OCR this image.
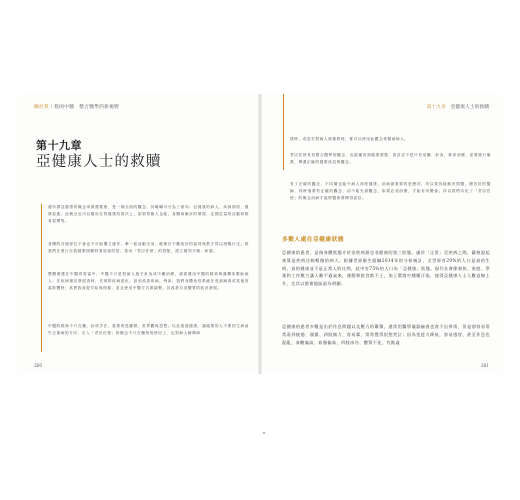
關於我 ⁝ 悠闲中醫　整合醫學的新視野
第十九章
亞健康人士的救贖
還所謂亞健康的概念來照護健康，是一個全面的觀念，其範疇可分為三面向：亞健康的病人，疾病預防，健康促進。此概念也可以應用在對健康的看法上，如果每個人也能，身體會漸步的環境，定期定量的活動和飲食習慣等。
身體的各個部位不會也不可能獨立運作，牽一髮而動全身，就像在不斷改好的協同與教才得以流暢行走。我我們在進行自我健康照顧時要留意的是，善用「君臣佐使」的搭配，建立個別平衡，和諧。
整體照護在中醫的管當中，中醫不只是對病人施予針灸或中藥治療，還需運用中醫的精神與運轉來幫助病人；在疾病還沒發展查時，先預防疾病惡化，甚至改善疾病。例如，我們身體免疫系統在受到病毒或其他因素影響時，其實我會提早給與保健，並且使用中醫方式做調整，其改善自身體質的狀況發展。
中醫的精神不只在藥，針或手法，重要的是藏精，世界觀與思想。以此促進健康，讓健康的人不要因生病而失去重病的方向，走入「君臣佐使」的概念不只在藥物的使用上，也對病人解釋病
260
第十九章　 亞健康人士的救贖
情時，或是在對病人做衛教時，都可以使用此觀念來幫助病人。
君臣佐使具有整合醫學的觀念，也能應用到健康照護，看診並不是只有用藥、針灸、推拿治療，更要進行衛教，傳遞正確的健康訊息與觀念。
有了正確的觀念，不同層也能令病人深度健康，治病最重要的是療效，所以要找能解決問題，療效好的醫師，同時還要有正確的觀念，卻不能光靠觀念，如果必須治療，才能有所體會。所以我們內化了「君臣佐使」的概念治病才能將醫術發揮得更好。
多數人處在亞健康狀態
亞健康的患者，是指身體狀態介於非疾病源也非健康的第三狀態。處於「正常」至疾病之間，嚴格說起來算是疾病比較輕微的病人。根據世界衛生組織2014年的分析統計，全世界有20%的人口是真的生病，真的健康並不是正常人的比例，此中有75%的人口為「亞健康」狀態。現代社會節奏快、家庭、學業和工作壓力讓人難不過氣來，運動和飲食都不上，加上環境中種種汙染，使得亞健康人士人數直線上升，尤其以都會地區最為明顯。
亞健康的患者多數是出於作息問題以及壓力的累積，通常用醫學儀器檢查也查不出異常，但是卻容易常常看到疲倦、頭暈、四肢無力、容易累、常常覺得很想哭泣；因為免疫力降低，容易感冒，甚至作息也混亂，血糖偏高，血脂偏高，四肢冰冷、體質不佳，有點虛
261
